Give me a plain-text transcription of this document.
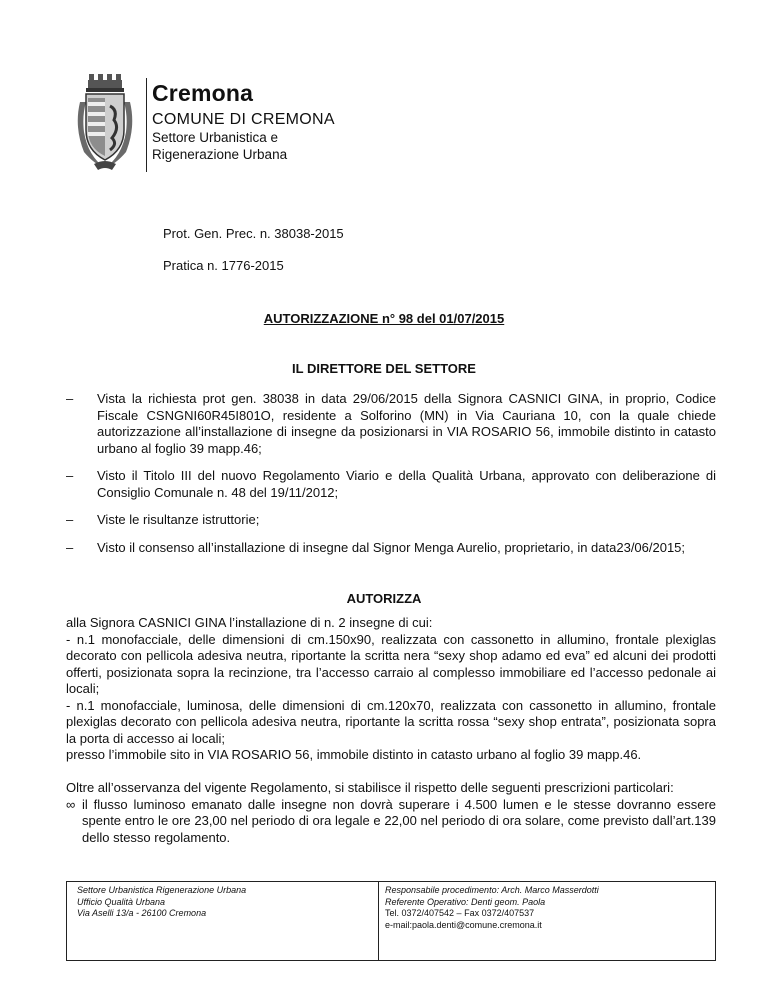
Cremona
COMUNE DI CREMONA
Settore Urbanistica e
Rigenerazione Urbana
Prot. Gen. Prec. n. 38038-2015
Pratica n. 1776-2015
AUTORIZZAZIONE n° 98 del 01/07/2015
IL DIRETTORE DEL SETTORE
– Vista la richiesta prot gen. 38038 in data 29/06/2015 della Signora CASNICI GINA, in proprio, Codice Fiscale CSNGNI60R45I801O, residente a Solforino (MN) in Via Cauriana 10, con la quale chiede autorizzazione all’installazione di insegne da posizionarsi in VIA ROSARIO 56, immobile distinto in catasto urbano al foglio 39 mapp.46;
– Visto il Titolo III del nuovo Regolamento Viario e della Qualità Urbana, approvato con deliberazione di Consiglio Comunale n. 48 del 19/11/2012;
– Viste le risultanze istruttorie;
– Visto il consenso all’installazione di insegne dal Signor Menga Aurelio, proprietario, in data23/06/2015;
AUTORIZZA

alla Signora CASNICI GINA l’installazione di n. 2 insegne di cui:

- n.1 monofacciale, delle dimensioni di cm.150x90, realizzata con cassonetto in allumino, frontale plexiglas decorato con pellicola adesiva neutra, riportante la scritta nera “sexy shop adamo ed eva” ed alcuni dei prodotti offerti, posizionata sopra la recinzione, tra l’accesso carraio al complesso immobiliare ed l’accesso pedonale ai locali;

- n.1 monofacciale, luminosa, delle dimensioni di cm.120x70, realizzata con cassonetto in allumino, frontale plexiglas decorato con pellicola adesiva neutra, riportante la scritta rossa “sexy shop entrata”, posizionata sopra la porta di accesso ai locali;

presso l’immobile sito in VIA ROSARIO 56, immobile distinto in catasto urbano al foglio 39 mapp.46.

Oltre all’osservanza del vigente Regolamento, si stabilisce il rispetto delle seguenti prescrizioni particolari:

∞ il flusso luminoso emanato dalle insegne non dovrà superare i 4.500 lumen e le stesse dovranno essere spente entro le ore 23,00 nel periodo di ora legale e 22,00 nel periodo di ora solare, come previsto dall’art.139 dello stesso regolamento.
Settore Urbanistica Rigenerazione Urbana
Ufficio Qualità Urbana
Via Aselli 13/a - 26100 Cremona
Responsabile procedimento: Arch. Marco Masserdotti
Referente Operativo: Denti geom. Paola
Tel. 0372/407542 – Fax 0372/407537
e-mail:paola.denti@comune.cremona.it
